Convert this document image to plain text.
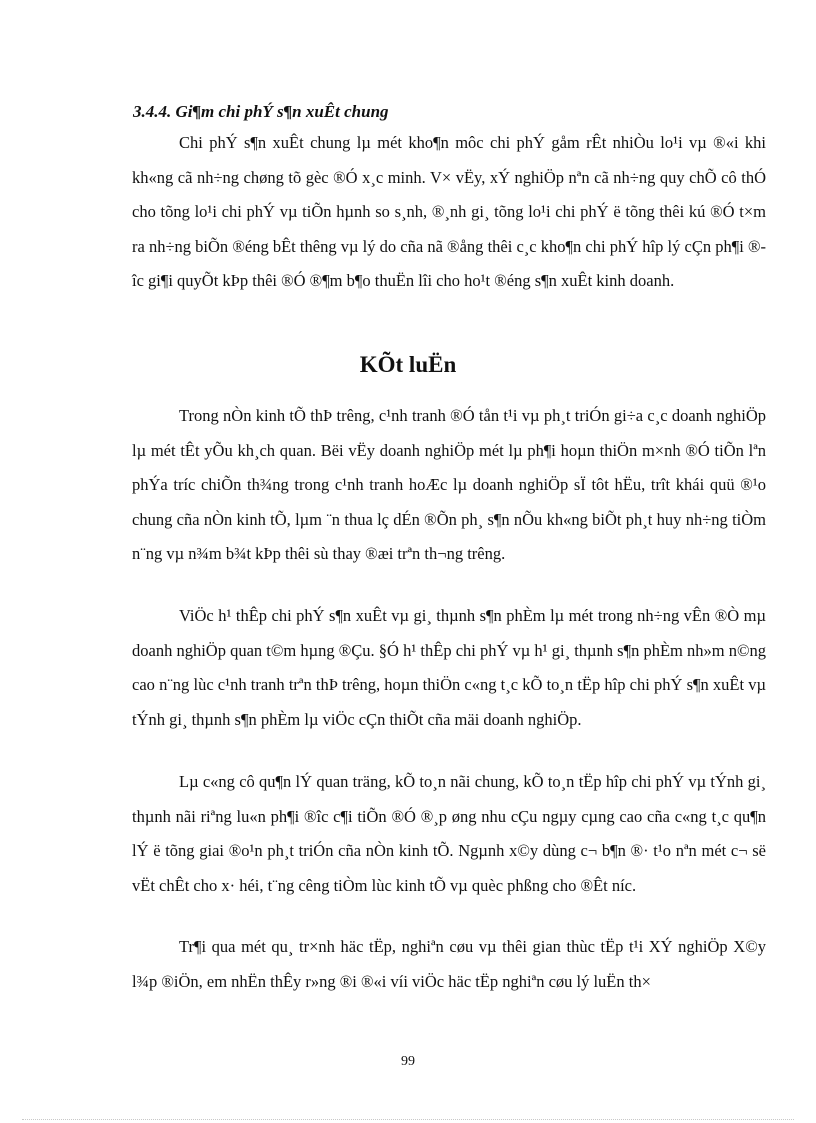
3.4.4. Gi¶m chi phÝ s¶n xuÊt chung

Chi phÝ s¶n xuÊt chung lµ mét kho¶n môc chi phÝ gåm rÊt nhiÒu lo¹i vµ ®«i khi kh«ng cã nh÷ng chøng tõ gèc ®Ó x¸c minh. V× vËy, xÝ nghiÖp nªn cã nh÷ng quy chÕ cô thÓ cho tõng lo¹i chi phÝ vµ tiÕn hµnh so s¸nh, ®¸nh gi¸ tõng lo¹i chi phÝ ë tõng thêi kú ®Ó t×m ra nh÷ng biÕn ®éng bÊt thêng vµ lý do cña nã ®ång thêi c¸c kho¶n chi phÝ hîp lý cÇn ph¶i ®îc gi¶i quyÕt kÞp thêi ®Ó ®¶m b¶o thuËn lîi cho ho¹t ®éng s¶n xuÊt kinh doanh.

KÕt luËn

Trong nÒn kinh tÕ thÞ trêng, c¹nh tranh ®Ó tån t¹i vµ ph¸t triÓn gi÷a c¸c doanh nghiÖp lµ mét tÊt yÕu kh¸ch quan. Bëi vËy doanh nghiÖp mét lµ ph¶i hoµn thiÖn m×nh ®Ó tiÕn lªn phÝa tríc chiÕn th¾ng trong c¹nh tranh hoÆc lµ doanh nghiÖp sÏ tôt hËu, trît khái quü ®¹o chung cña nÒn kinh tÕ, lµm ¨n thua lç dÉn ®Õn ph¸ s¶n nÕu kh«ng biÕt ph¸t huy nh÷ng tiÒm n¨ng vµ n¾m b¾t kÞp thêi sù thay ®æi trªn th¬ng trêng.

ViÖc h¹ thÊp chi phÝ s¶n xuÊt vµ gi¸ thµnh s¶n phÈm lµ mét trong nh÷ng vÊn ®Ò mµ doanh nghiÖp quan t©m hµng ®Çu. §Ó h¹ thÊp chi phÝ vµ h¹ gi¸ thµnh s¶n phÈm nh»m n©ng cao n¨ng lùc c¹nh tranh trªn thÞ trêng, hoµn thiÖn c«ng t¸c kÕ to¸n tËp hîp chi phÝ s¶n xuÊt vµ tÝnh gi¸ thµnh s¶n phÈm lµ viÖc cÇn thiÕt cña mäi doanh nghiÖp.

Lµ c«ng cô qu¶n lÝ quan träng, kÕ to¸n nãi chung, kÕ to¸n tËp hîp chi phÝ vµ tÝnh gi¸ thµnh nãi riªng lu«n ph¶i ®îc c¶i tiÕn ®Ó ®¸p øng nhu cÇu ngµy cµng cao cña c«ng t¸c qu¶n lÝ ë tõng giai ®o¹n ph¸t triÓn cña nÒn kinh tÕ. Ngµnh x©y dùng c¬ b¶n ®· t¹o nªn mét c¬ së vËt chÊt cho x· héi, t¨ng cêng tiÒm lùc kinh tÕ vµ quèc phßng cho ®Êt níc.

Tr¶i qua mét qu¸ tr×nh häc tËp, nghiªn cøu vµ thêi gian thùc tËp t¹i XÝ nghiÖp X©y l¾p ®iÖn, em nhËn thÊy r»ng ®i ®«i víi viÖc häc tËp nghiªn cøu lý luËn th×

99
